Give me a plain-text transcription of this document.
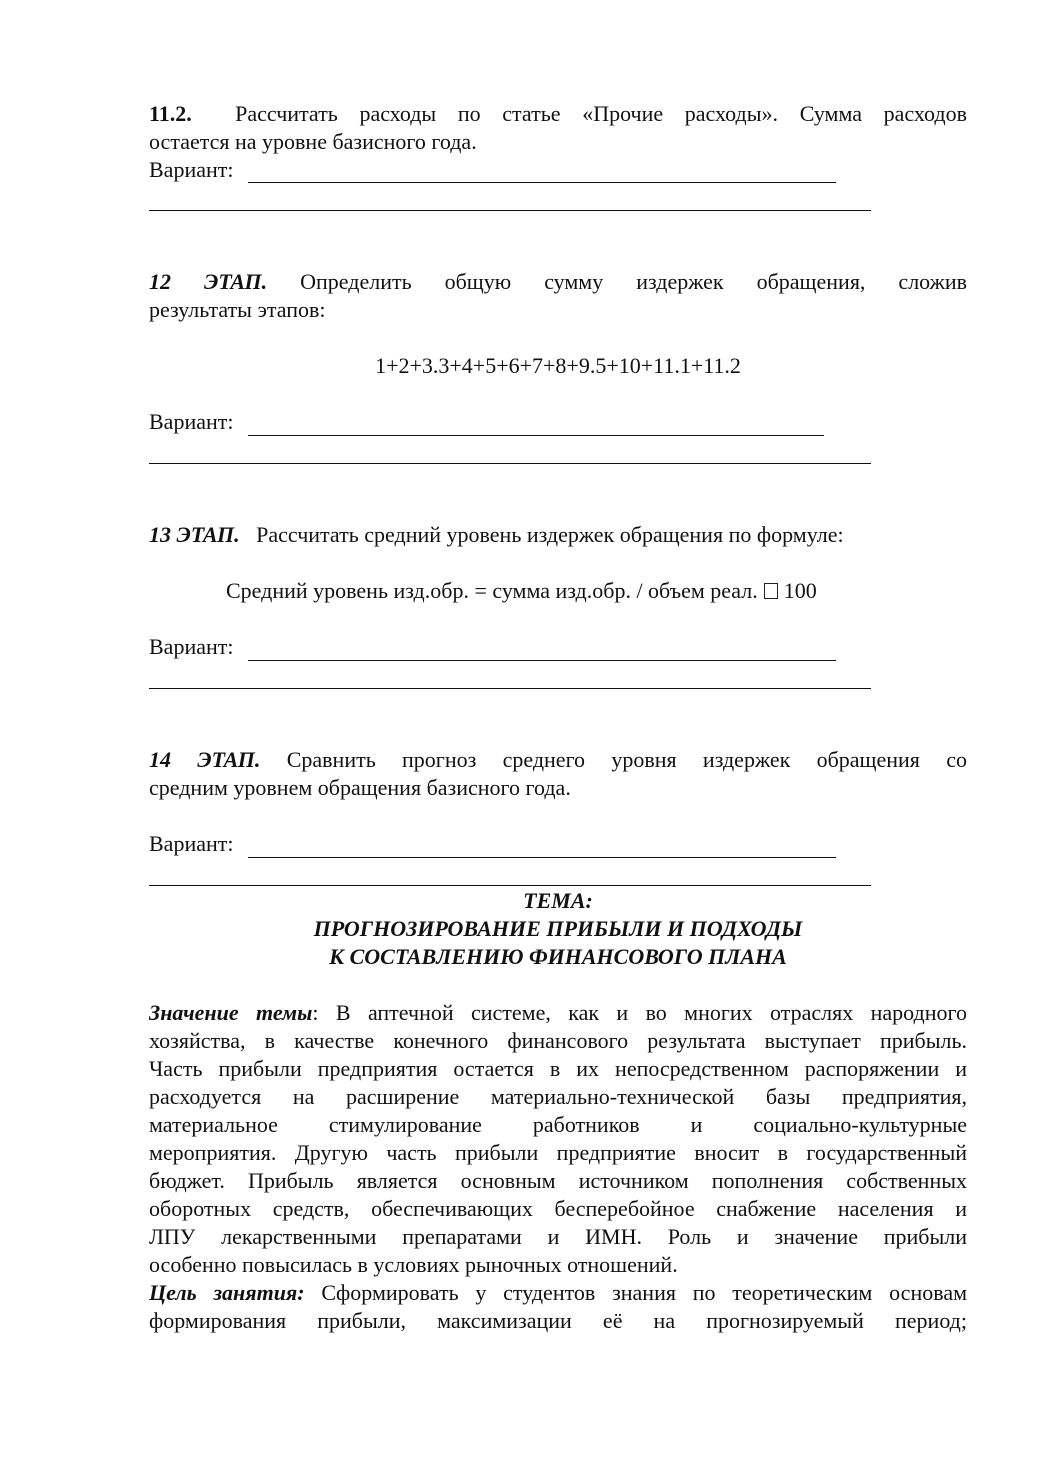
11.2. Рассчитать расходы по статье «Прочие расходы». Сумма расходов
остается на уровне базисного года.
Вариант:
12 ЭТАП. Определить общую сумму издержек обращения, сложив
результаты этапов:
1+2+3.3+4+5+6+7+8+9.5+10+11.1+11.2
Вариант:
13 ЭТАП. Рассчитать средний уровень издержек обращения по формуле:
Средний уровень изд.обр. = сумма изд.обр. / объем реал. 100
Вариант:
14 ЭТАП. Сравнить прогноз среднего уровня издержек обращения со
средним уровнем обращения базисного года.
Вариант:
ТЕМА:
ПРОГНОЗИРОВАНИЕ ПРИБЫЛИ И ПОДХОДЫ
К СОСТАВЛЕНИЮ ФИНАНСОВОГО ПЛАНА
Значение темы: В аптечной системе, как и во многих отраслях народного
хозяйства, в качестве конечного финансового результата выступает прибыль.
Часть прибыли предприятия остается в их непосредственном распоряжении и
расходуется на расширение материально-технической базы предприятия,
материальное стимулирование работников и социально-культурные
мероприятия. Другую часть прибыли предприятие вносит в государственный
бюджет. Прибыль является основным источником пополнения собственных
оборотных средств, обеспечивающих бесперебойное снабжение населения и
ЛПУ лекарственными препаратами и ИМН. Роль и значение прибыли
особенно повысилась в условиях рыночных отношений.
Цель занятия: Сформировать у студентов знания по теоретическим основам
формирования прибыли, максимизации её на прогнозируемый период;
